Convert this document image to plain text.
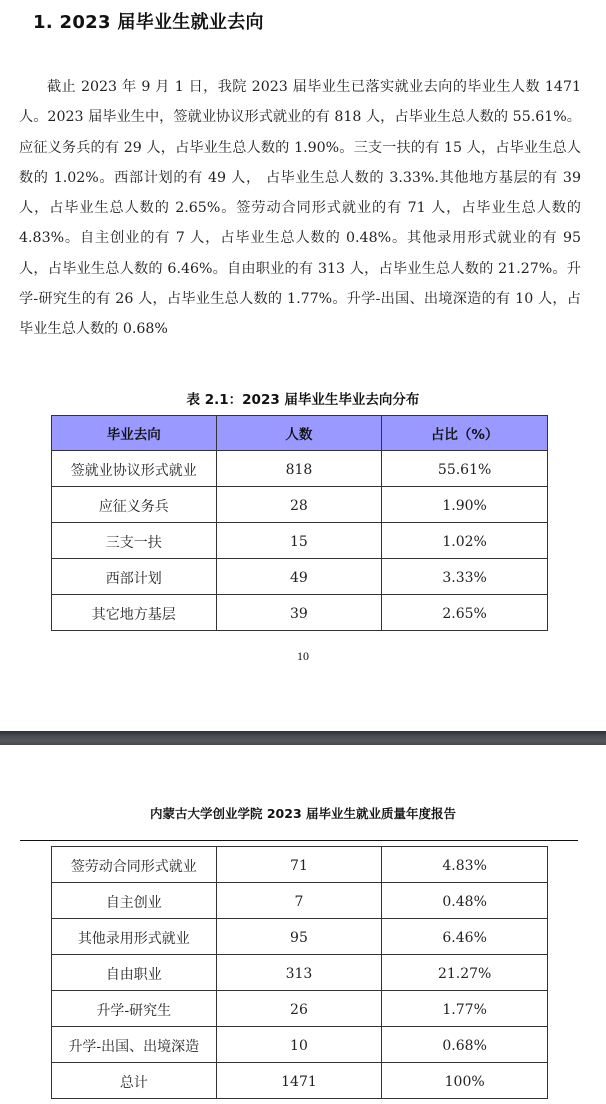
1. 2023 届毕业生就业去向

截止 2023 年 9 月 1 日，我院 2023 届毕业生已落实就业去向的毕业生人数 1471 人。2023 届毕业生中，签就业协议形式就业的有 818 人，占毕业生总人数的 55.61%。应征义务兵的有 29 人，占毕业生总人数的 1.90%。三支一扶的有 15 人，占毕业生总人数的 1.02%。西部计划的有 49 人， 占毕业生总人数的 3.33%.其他地方基层的有 39 人，占毕业生总人数的 2.65%。签劳动合同形式就业的有 71 人，占毕业生总人数的 4.83%。自主创业的有 7 人，占毕业生总人数的 0.48%。其他录用形式就业的有 95 人，占毕业生总人数的 6.46%。自由职业的有 313 人，占毕业生总人数的 21.27%。升学-研究生的有 26 人，占毕业生总人数的 1.77%。升学-出国、出境深造的有 10 人，占毕业生总人数的 0.68%

表 2.1：2023 届毕业生毕业去向分布
毕业去向	人数	占比（%）
签就业协议形式就业	818	55.61%
应征义务兵	28	1.90%
三支一扶	15	1.02%
西部计划	49	3.33%
其它地方基层	39	2.65%
10
内蒙古大学创业学院 2023 届毕业生就业质量年度报告
签劳动合同形式就业	71	4.83%
自主创业	7	0.48%
其他录用形式就业	95	6.46%
自由职业	313	21.27%
升学-研究生	26	1.77%
升学-出国、出境深造	10	0.68%
总计	1471	100%
